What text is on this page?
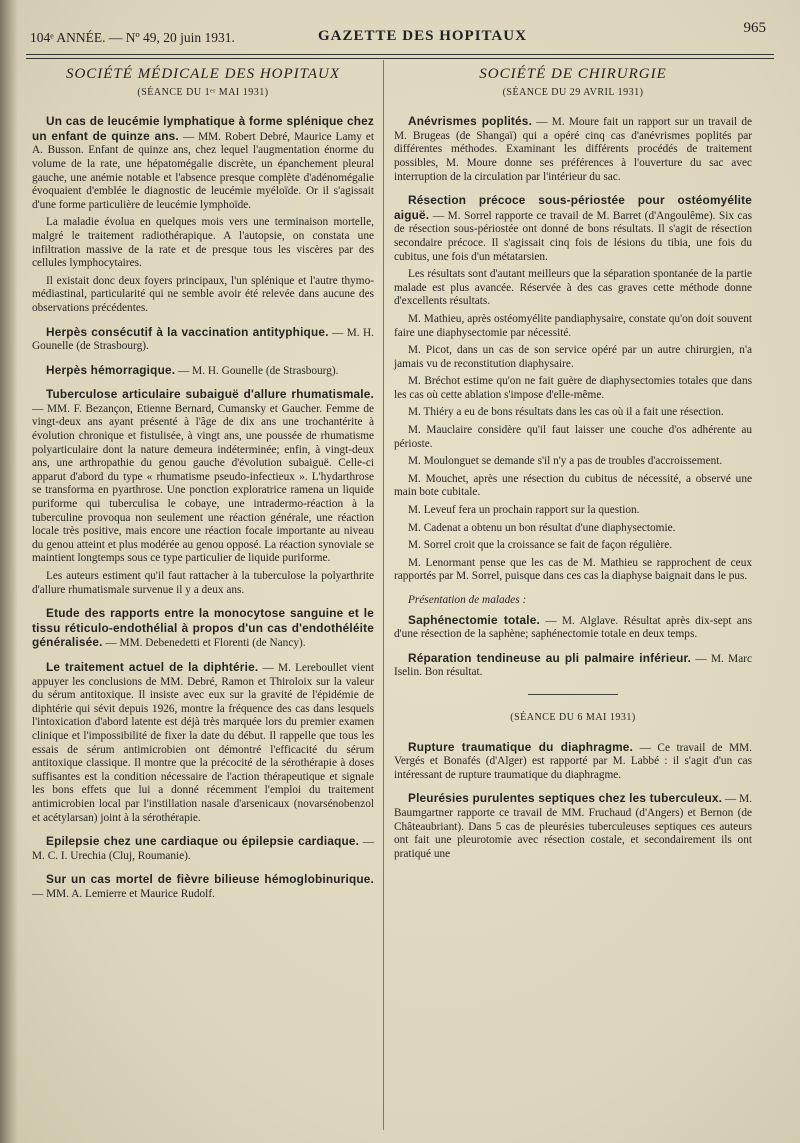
104ᵉ ANNÉE. — Nº 49, 20 juin 1931.	GAZETTE DES HOPITAUX	965
SOCIÉTÉ MÉDICALE DES HOPITAUX
(SÉANCE DU 1ᵉʳ MAI 1931)
Un cas de leucémie lymphatique à forme splénique chez un enfant de quinze ans. — MM. Robert Debré, Maurice Lamy et A. Busson. Enfant de quinze ans, chez lequel l'augmentation énorme du volume de la rate, une hépatomégalie discrète, un épanchement pleural gauche, une anémie notable et l'absence presque complète d'adénomégalie évoquaient d'emblée le diagnostic de leucémie myéloïde. Or il s'agissait d'une forme particulière de leucémie lymphoïde.
La maladie évolua en quelques mois vers une terminaison mortelle, malgré le traitement radiothérapique. A l'autopsie, on constata une infiltration massive de la rate et de presque tous les viscères par des cellules lymphocytaires.
Il existait donc deux foyers principaux, l'un splénique et l'autre thymo-médiastinal, particularité qui ne semble avoir été relevée dans aucune des observations précédentes.
Herpès consécutif à la vaccination antityphique. — M. H. Gounelle (de Strasbourg).
Herpès hémorragique. — M. H. Gounelle (de Strasbourg).
Tuberculose articulaire subaiguë d'allure rhumatismale. — MM. F. Bezançon, Etienne Bernard, Cumansky et Gaucher. Femme de vingt-deux ans ayant présenté à l'âge de dix ans une trochantérite à évolution chronique et fistulisée, à vingt ans, une poussée de rhumatisme polyarticulaire dont la nature demeura indéterminée; enfin, à vingt-deux ans, une arthropathie du genou gauche d'évolution subaiguë. Celle-ci apparut d'abord du type « rhumatisme pseudo-infectieux ». L'hydarthrose se transforma en pyarthrose. Une ponction exploratrice ramena un liquide puriforme qui tuberculisa le cobaye, une intradermo-réaction à la tuberculine provoqua non seulement une réaction générale, une réaction locale très positive, mais encore une réaction focale importante au niveau du genou atteint et plus modérée au genou opposé. La réaction synoviale se maintient longtemps sous ce type particulier de liquide puriforme.
Les auteurs estiment qu'il faut rattacher à la tuberculose la polyarthrite d'allure rhumatismale survenue il y a deux ans.
Etude des rapports entre la monocytose sanguine et le tissu réticulo-endothélial à propos d'un cas d'endothéléite généralisée. — MM. Debenedetti et Florenti (de Nancy).
Le traitement actuel de la diphtérie. — M. Lereboullet vient appuyer les conclusions de MM. Debré, Ramon et Thiroloix sur la valeur du sérum antitoxique. Il insiste avec eux sur la gravité de l'épidémie de diphtérie qui sévit depuis 1926, montre la fréquence des cas dans lesquels l'intoxication d'abord latente est déjà très marquée lors du premier examen clinique et l'impossibilité de fixer la date du début. Il rappelle que tous les essais de sérum antimicrobien ont démontré l'efficacité du sérum antitoxique classique. Il montre que la précocité de la sérothérapie à doses suffisantes est la condition nécessaire de l'action thérapeutique et signale les bons effets que lui a donné récemment l'emploi du traitement antimicrobien local par l'instillation nasale d'arsenicaux (novarsénobenzol et acétylarsan) joint à la sérothérapie.
Epilepsie chez une cardiaque ou épilepsie cardiaque. — M. C. I. Urechia (Cluj, Roumanie).
Sur un cas mortel de fièvre bilieuse hémoglobinurique. — MM. A. Lemierre et Maurice Rudolf.
SOCIÉTÉ DE CHIRURGIE
(SÉANCE DU 29 AVRIL 1931)
Anévrismes poplités. — M. Moure fait un rapport sur un travail de M. Brugeas (de Shangaï) qui a opéré cinq cas d'anévrismes poplités par différentes méthodes. Examinant les différents procédés de traitement possibles, M. Moure donne ses préférences à l'ouverture du sac avec interruption de la circulation par l'intérieur du sac.
Résection précoce sous-périostée pour ostéomyélite aiguë. — M. Sorrel rapporte ce travail de M. Barret (d'Angoulême). Six cas de résection sous-périostée ont donné de bons résultats. Il s'agit de résection secondaire précoce. Il s'agissait cinq fois de lésions du tibia, une fois du cubitus, une fois d'un métatarsien.
Les résultats sont d'autant meilleurs que la séparation spontanée de la partie malade est plus avancée. Réservée à des cas graves cette méthode donne d'excellents résultats.
M. Mathieu, après ostéomyélite pandiaphysaire, constate qu'on doit souvent faire une diaphysectomie par nécessité.
M. Picot, dans un cas de son service opéré par un autre chirurgien, n'a jamais vu de reconstitution diaphysaire.
M. Bréchot estime qu'on ne fait guère de diaphysectomies totales que dans les cas où cette ablation s'impose d'elle-même.
M. Thiéry a eu de bons résultats dans les cas où il a fait une résection.
M. Mauclaire considère qu'il faut laisser une couche d'os adhérente au périoste.
M. Moulonguet se demande s'il n'y a pas de troubles d'accroissement.
M. Mouchet, après une résection du cubitus de nécessité, a observé une main bote cubitale.
M. Leveuf fera un prochain rapport sur la question.
M. Cadenat a obtenu un bon résultat d'une diaphysectomie.
M. Sorrel croit que la croissance se fait de façon régulière.
M. Lenormant pense que les cas de M. Mathieu se rapprochent de ceux rapportés par M. Sorrel, puisque dans ces cas la diaphyse baignait dans le pus.
Présentation de malades :
Saphénectomie totale. — M. Alglave. Résultat après dix-sept ans d'une résection de la saphène; saphénectomie totale en deux temps.
Réparation tendineuse au pli palmaire inférieur. — M. Marc Iselin. Bon résultat.
(SÉANCE DU 6 MAI 1931)
Rupture traumatique du diaphragme. — Ce travail de MM. Vergés et Bonafés (d'Alger) est rapporté par M. Labbé : il s'agit d'un cas intéressant de rupture traumatique du diaphragme.
Pleurésies purulentes septiques chez les tuberculeux. — M. Baumgartner rapporte ce travail de MM. Fruchaud (d'Angers) et Bernon (de Châteaubriant). Dans 5 cas de pleurésies tuberculeuses septiques ces auteurs ont fait une pleurotomie avec résection costale, et secondairement ils ont pratiqué une
